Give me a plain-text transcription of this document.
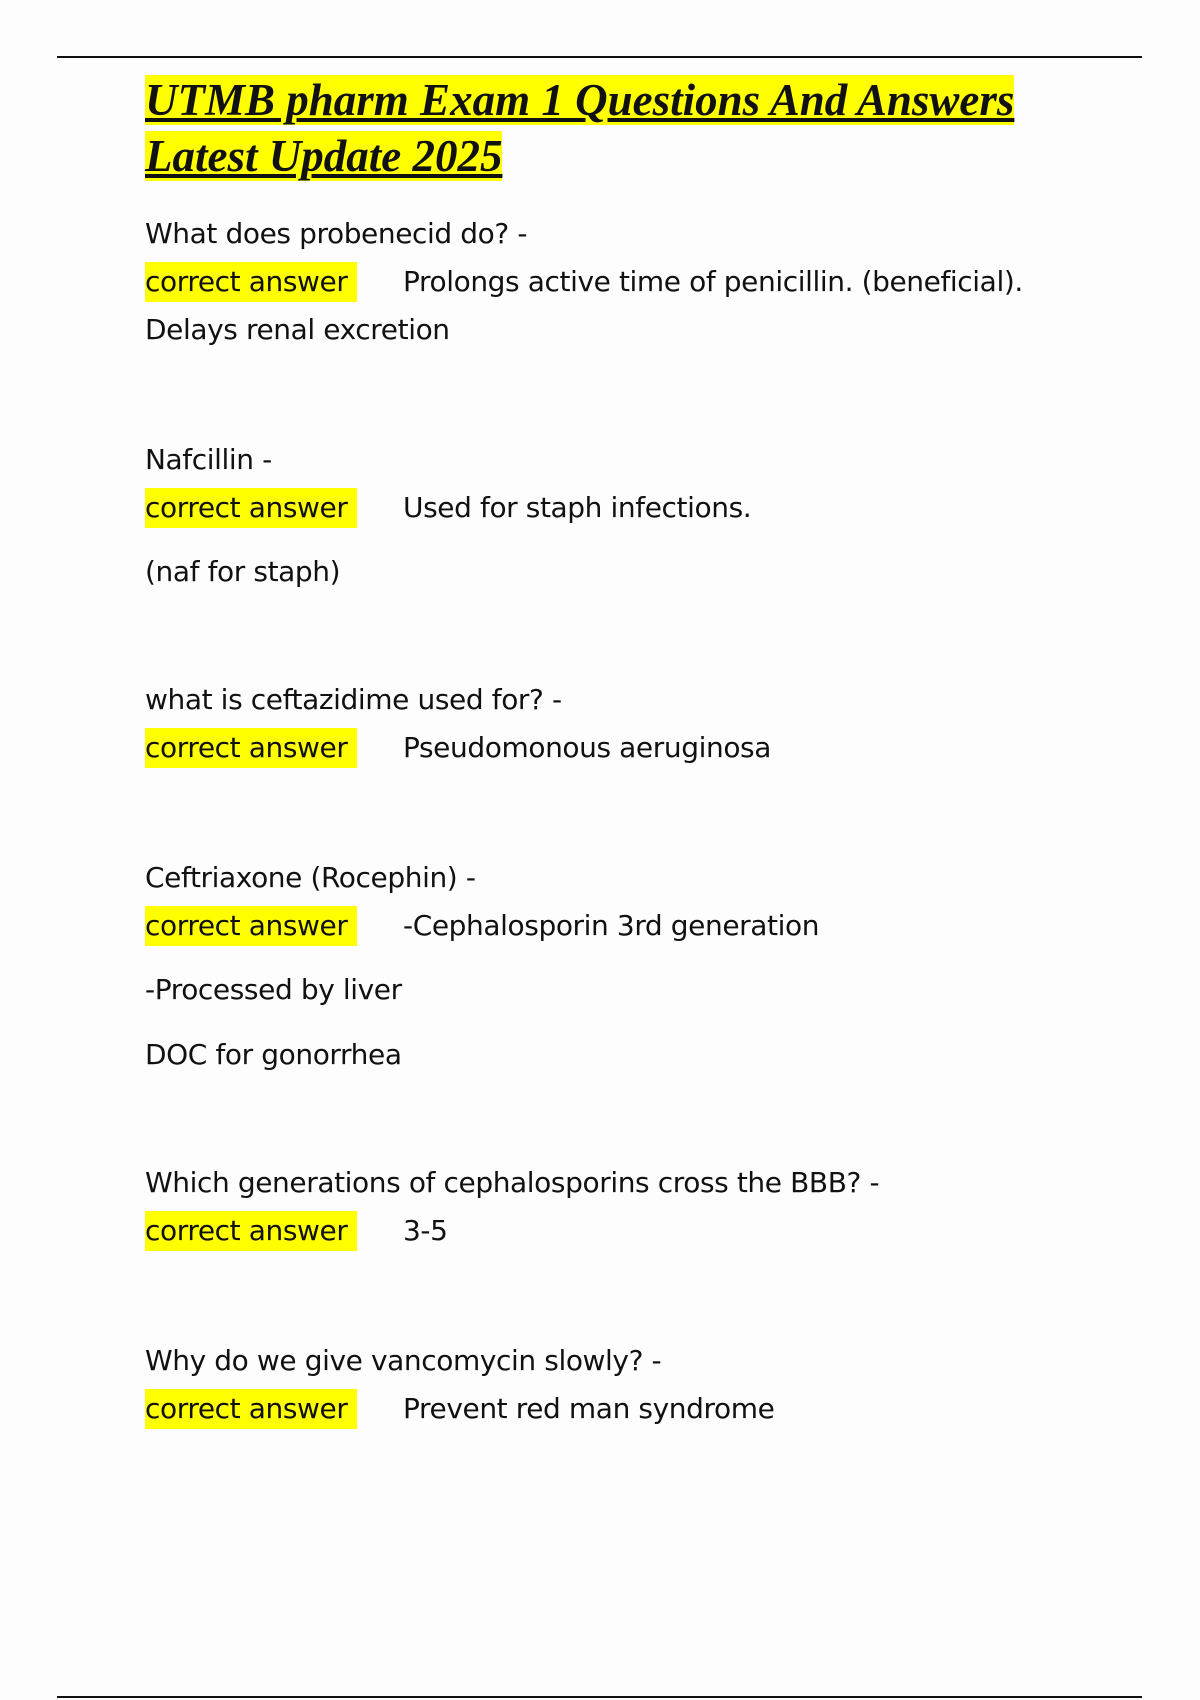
UTMB pharm Exam 1 Questions And Answers Latest Update 2025
What does probenecid do? -
correct answer Prolongs active time of penicillin. (beneficial).
Delays renal excretion
Nafcillin -
correct answer Used for staph infections.
(naf for staph)
what is ceftazidime used for? -
correct answer Pseudomonous aeruginosa
Ceftriaxone (Rocephin) -
correct answer -Cephalosporin 3rd generation
-Processed by liver
DOC for gonorrhea
Which generations of cephalosporins cross the BBB? -
correct answer 3-5
Why do we give vancomycin slowly? -
correct answer Prevent red man syndrome
